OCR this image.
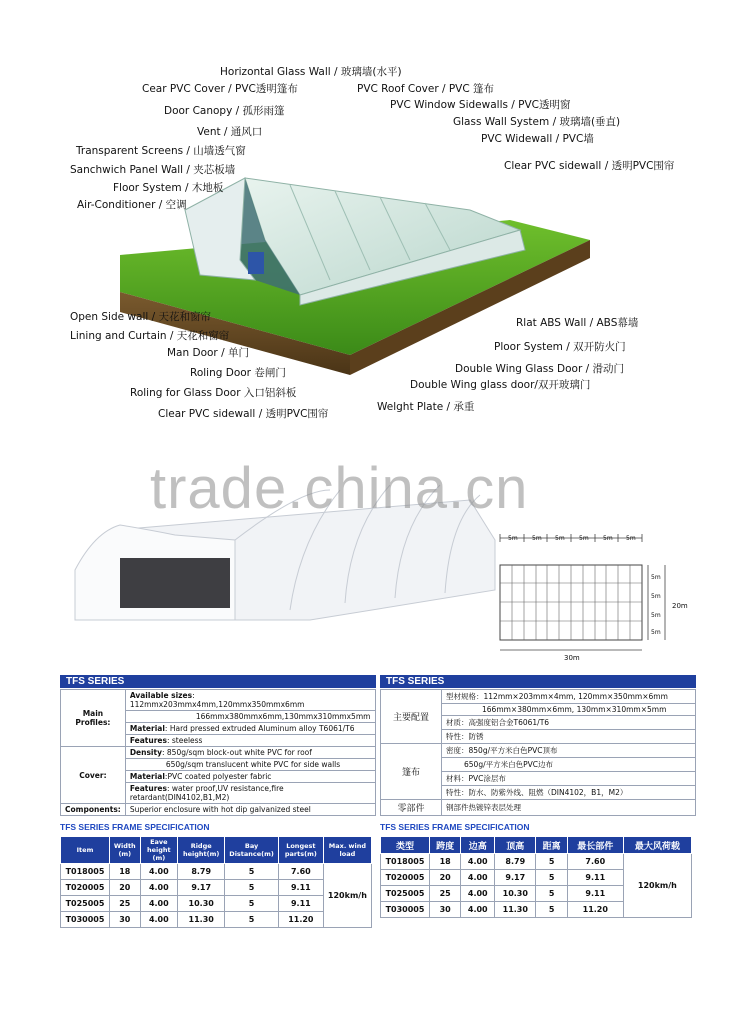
Horizontal Glass Wall / 玻璃墙(水平)
Cear PVC Cover / PVC透明篷布	PVC Roof Cover / PVC 篷布
Door Canopy / 孤形雨篷	PVC Window Sidewalls / PVC透明窗
Glass Wall System / 玻璃墙(垂直)
Vent / 通风口
PVC Widewall / PVC墙
Transparent Screens / 山墙透气窗
Sanchwich Panel Wall / 夹芯板墙	Clear PVC sidewall / 透明PVC围帘
Floor System / 木地板
Air-Conditioner / 空调
Open Side wall / 天花和窗帘
Lining and Curtain / 天花和窗帘
Man Door / 单门
Roling Door 卷闸门
Roling for Glass Door 入口铝斜板
Clear PVC sidewall / 透明PVC围帘
Welght Plate / 承重
Rlat ABS Wall / ABS幕墙
Ploor System / 双开防火门
Double Wing Glass Door / 滑动门
Double Wing glass door/双开玻璃门
5m 5m 5m 5m 5m 5m
5m
5m
5m
5m
20m
30m
trade.china.cn
TFS SERIES
Main Profiles:	Available sizes: 112mmx203mmx4mm,120mmx350mmx6mm
	166mmx380mmx6mm,130mmx310mmx5mm
	Material: Hard pressed extruded Aluminum alloy T6061/T6
	Features: steeless
Cover:	Density: 850g/sqm block-out white PVC for roof
	650g/sqm translucent white PVC for side walls
	Material:PVC coated polyester fabric
	Features: water proof,UV resistance,fire retardant(DIN4102,B1,M2)
Components:	Superior enclosure with hot dip galvanized steel
TFS SERIES
主要配置	型材规格：112mm×203mm×4mm, 120mm×350mm×6mm
	166mm×380mm×6mm, 130mm×310mm×5mm
	材质：高强度铝合金T6061/T6
	特性：防锈
篷布	密度：850g/平方米白色PVC顶布
	650g/平方米白色PVC边布
	材料：PVC涂层布
	特性：防水、防紫外线、阻燃（DIN4102，B1，M2）
零部件	钢部件热镀锌表层处理
TFS SERIES FRAME SPECIFICATION
Item	Width (m)	Eave height (m)	Ridge height(m)	Bay Distance(m)	Longest parts(m)	Max. wind load
T018005	18	4.00	8.79	5	7.60	120km/h
T020005	20	4.00	9.17	5	9.11	
T025005	25	4.00	10.30	5	9.11	
T030005	30	4.00	11.30	5	11.20	
TFS SERIES FRAME SPECIFICATION
类型	跨度	边高	顶高	距离	最长部件	最大风荷载
T018005	18	4.00	8.79	5	7.60	120km/h
T020005	20	4.00	9.17	5	9.11	
T025005	25	4.00	10.30	5	9.11	
T030005	30	4.00	11.30	5	11.20	
